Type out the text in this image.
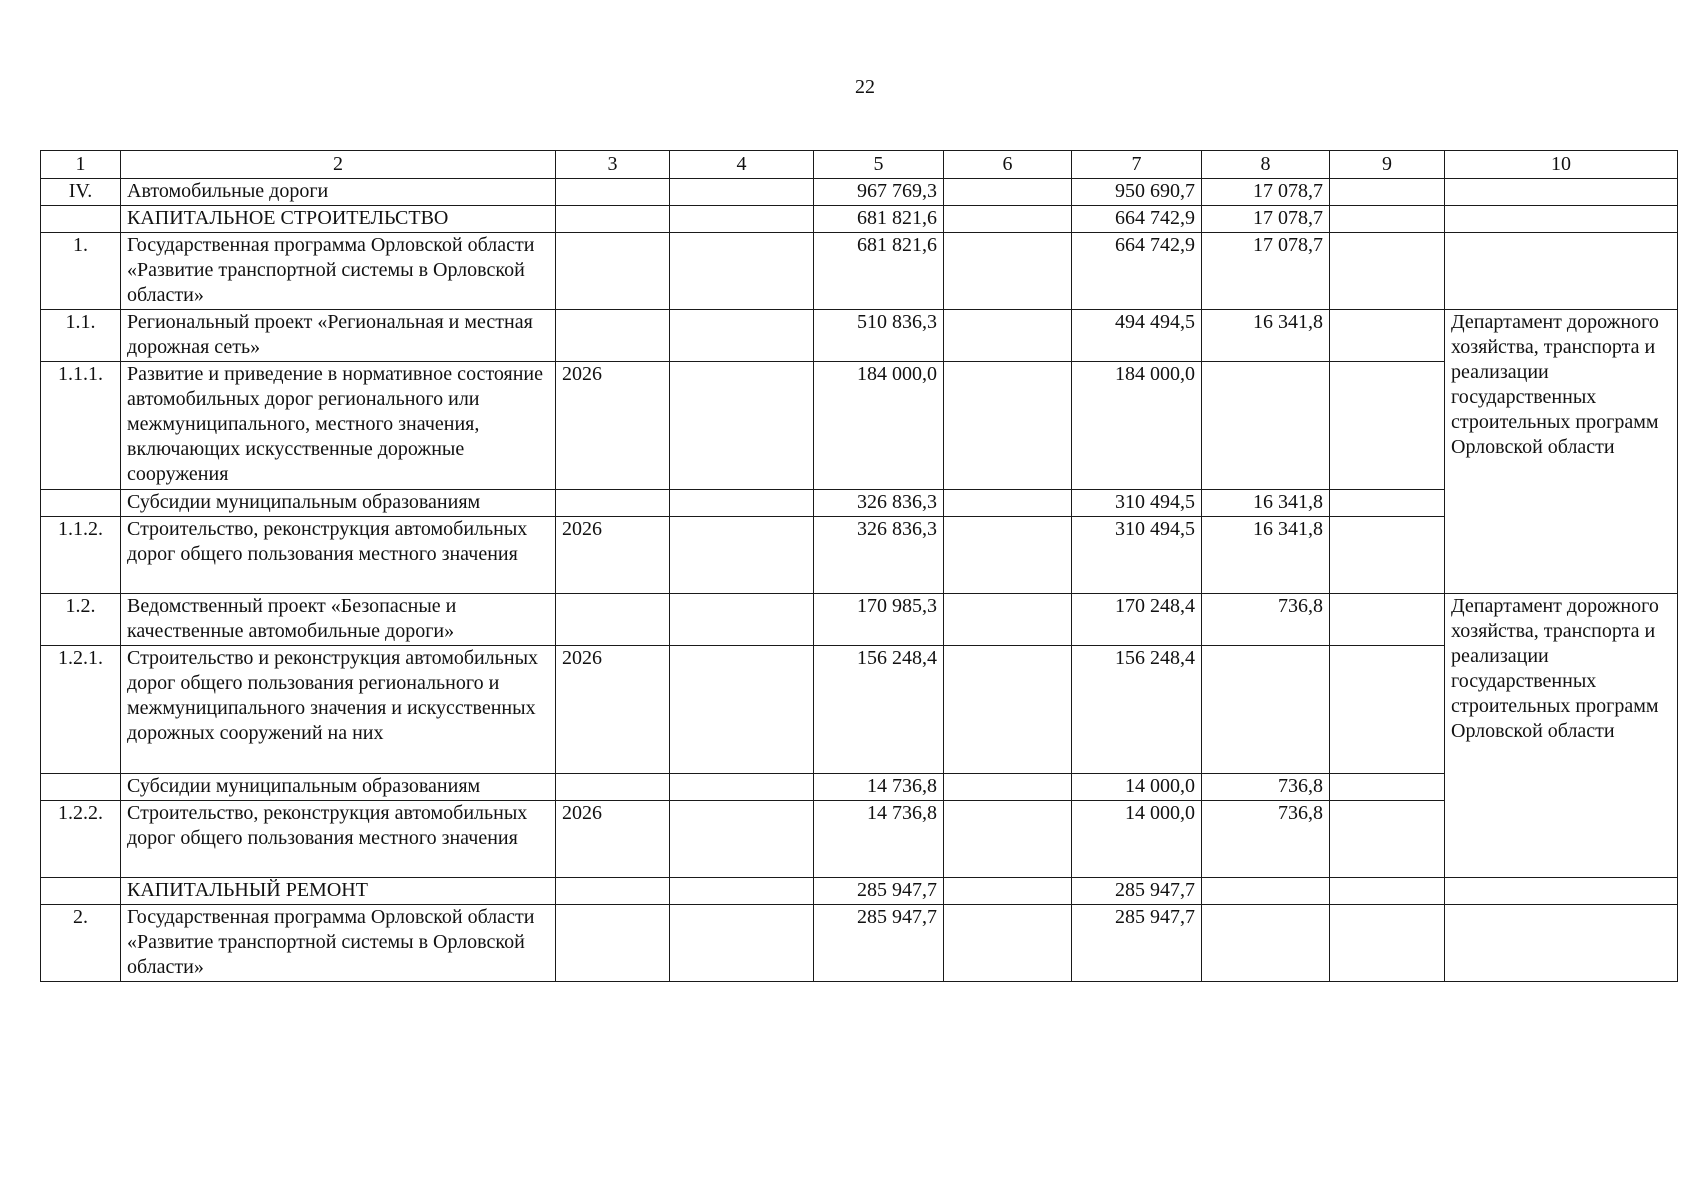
22
1	2	3	4	5	6	7	8	9	10
IV.	Автомобильные дороги			967 769,3		950 690,7	17 078,7		
	КАПИТАЛЬНОЕ СТРОИТЕЛЬСТВО			681 821,6		664 742,9	17 078,7		
1.	Государственная программа Орловской области «Развитие транспортной системы в Орловской области»			681 821,6		664 742,9	17 078,7		
1.1.	Региональный проект «Региональная и местная дорожная сеть»			510 836,3		494 494,5	16 341,8		Департамент дорожного хозяйства, транспорта и реализации государственных строительных программ Орловской области
1.1.1.	Развитие и приведение в нормативное состояние автомобильных дорог регионального или межмуниципального, местного значения, включающих искусственные дорожные сооружения	2026		184 000,0		184 000,0			
	Субсидии муниципальным образованиям			326 836,3		310 494,5	16 341,8		
1.1.2.	Строительство, реконструкция автомобильных дорог общего пользования местного значения	2026		326 836,3		310 494,5	16 341,8		
1.2.	Ведомственный проект «Безопасные и качественные автомобильные дороги»			170 985,3		170 248,4	736,8		Департамент дорожного хозяйства, транспорта и реализации государственных строительных программ Орловской области
1.2.1.	Строительство и реконструкция автомобильных дорог общего пользования регионального и межмуниципального значения и искусственных дорожных сооружений на них	2026		156 248,4		156 248,4			
	Субсидии муниципальным образованиям			14 736,8		14 000,0	736,8		
1.2.2.	Строительство, реконструкция автомобильных дорог общего пользования местного значения	2026		14 736,8		14 000,0	736,8		
	КАПИТАЛЬНЫЙ РЕМОНТ			285 947,7		285 947,7			
2.	Государственная программа Орловской области «Развитие транспортной системы в Орловской области»			285 947,7		285 947,7			
